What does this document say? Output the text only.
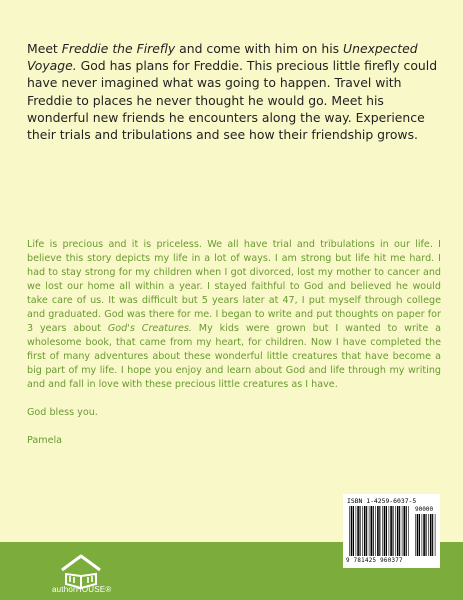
Meet Freddie the Firefly and come with him on his Unexpected Voyage. God has plans for Freddie. This precious little firefly could have never imagined what was going to happen. Travel with Freddie to places he never thought he would go. Meet his wonderful new friends he encounters along the way. Experience their trials and tribulations and see how their friendship grows.

Life is precious and it is priceless. We all have trial and tribulations in our life. I believe this story depicts my life in a lot of ways. I am strong but life hit me hard. I had to stay strong for my children when I got divorced, lost my mother to cancer and we lost our home all within a year. I stayed faithful to God and believed he would take care of us. It was difficult but 5 years later at 47, I put myself through college and graduated. God was there for me. I began to write and put thoughts on paper for 3 years about God's Creatures. My kids were grown but I wanted to write a wholesome book, that came from my heart, for children. Now I have completed the first of many adventures about these wonderful little creatures that have become a big part of my life. I hope you enjoy and learn about God and life through my writing and and fall in love with these precious little creatures as I have.

God bless you.

Pamela

authorHOUSE®
ISBN 1-4259-6037-5
90000
9 781425 960377
